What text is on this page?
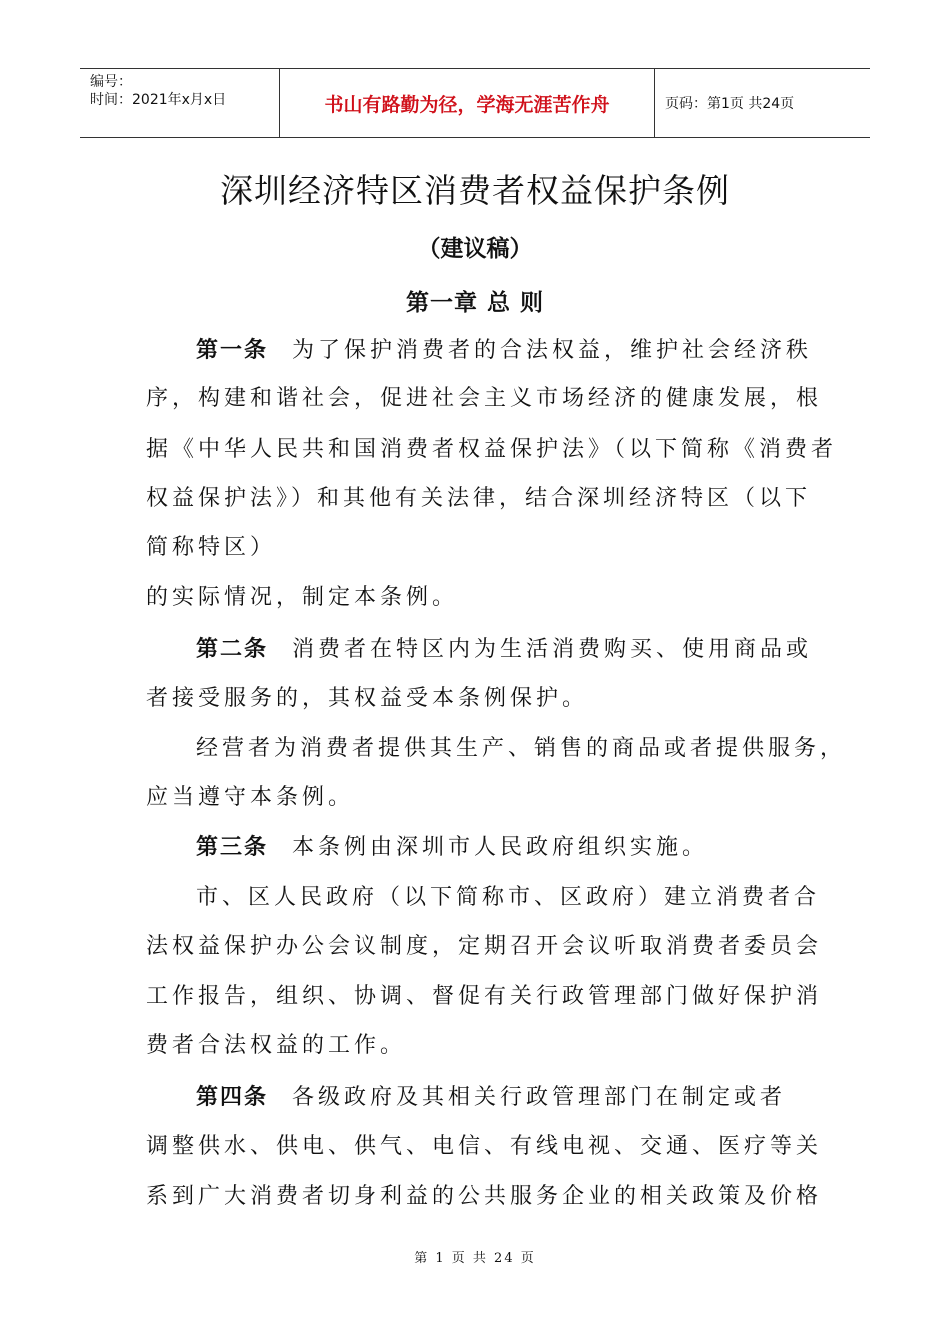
编号：
时间：2021年x月x日	书山有路勤为径，学海无涯苦作舟	页码：第1页 共24页
深圳经济特区消费者权益保护条例
（建议稿）
第一章 总 则
第一条 为了保护消费者的合法权益，维护社会经济秩
序，构建和谐社会，促进社会主义市场经济的健康发展，根
据《中华人民共和国消费者权益保护法》（以下简称《消费者
权益保护法》）和其他有关法律，结合深圳经济特区（以下
简称特区）
的实际情况，制定本条例。
第二条 消费者在特区内为生活消费购买、使用商品或
者接受服务的，其权益受本条例保护。
经营者为消费者提供其生产、销售的商品或者提供服务，
应当遵守本条例。
第三条 本条例由深圳市人民政府组织实施。
市、区人民政府（以下简称市、区政府）建立消费者合
法权益保护办公会议制度，定期召开会议听取消费者委员会
工作报告，组织、协调、督促有关行政管理部门做好保护消
费者合法权益的工作。
第四条 各级政府及其相关行政管理部门在制定或者
调整供水、供电、供气、电信、有线电视、交通、医疗等关
系到广大消费者切身利益的公共服务企业的相关政策及价格
第 1 页 共 24 页
